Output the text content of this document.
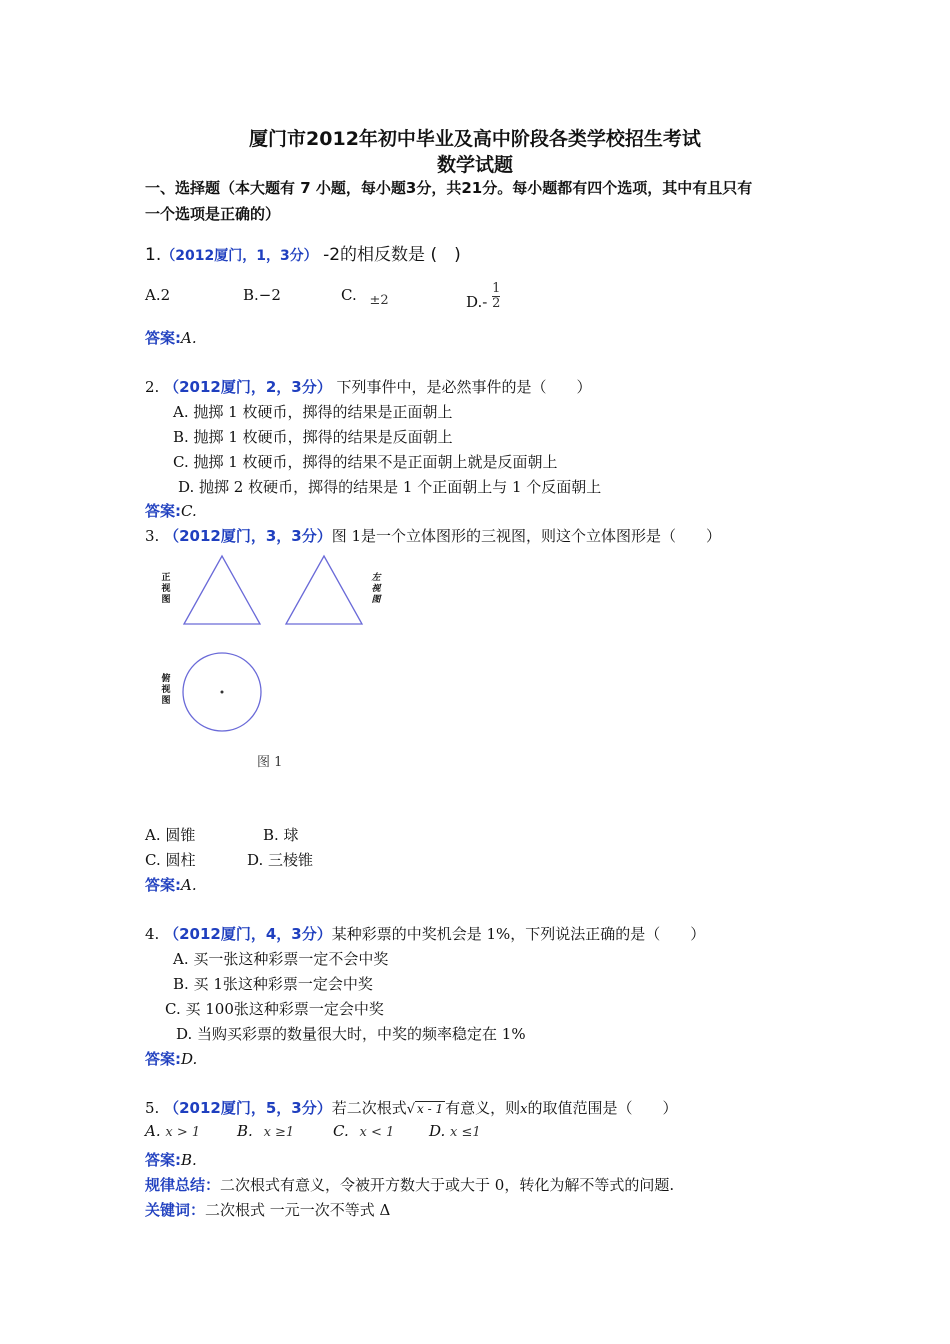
厦门市2012年初中毕业及高中阶段各类学校招生考试
数学试题
一、选择题（本大题有 7 小题，每小题3分，共21分。每小题都有四个选项，其中有且只有
一个选项是正确的）
1.（2012厦门，1，3分） -2的相反数是 (　)
A.2	B.−2	C. ±2	$D.- \frac{1}{2}$
答案:A.
2. （2012厦门，2，3分） 下列事件中，是必然事件的是（　　）
A. 抛掷 1 枚硬币，掷得的结果是正面朝上
B. 抛掷 1 枚硬币，掷得的结果是反面朝上
C. 抛掷 1 枚硬币，掷得的结果不是正面朝上就是反面朝上
D. 抛掷 2 枚硬币，掷得的结果是 1 个正面朝上与 1 个反面朝上
答案:C.
3. （2012厦门，3，3分）图 1是一个立体图形的三视图，则这个立体图形是（　　）
正视图
左视图
俯视图
图 1
A. 圆锥	B. 球
C. 圆柱	D. 三棱锥
答案:A.
4. （2012厦门，4，3分）某种彩票的中奖机会是 1%，下列说法正确的是（　　）
A. 买一张这种彩票一定不会中奖
B. 买 1张这种彩票一定会中奖
C. 买 100张这种彩票一定会中奖
D. 当购买彩票的数量很大时，中奖的频率稳定在 1%
答案:D.
5. （2012厦门，5，3分）若二次根式√ x - 1 有意义，则x的取值范围是（　　）
A. x > 1 B. x ≥1	C. x < 1 D. x ≤1
答案:B.
规律总结：二次根式有意义，令被开方数大于或大于 0，转化为解不等式的问题.
关键词：二次根式 一元一次不等式 Δ
